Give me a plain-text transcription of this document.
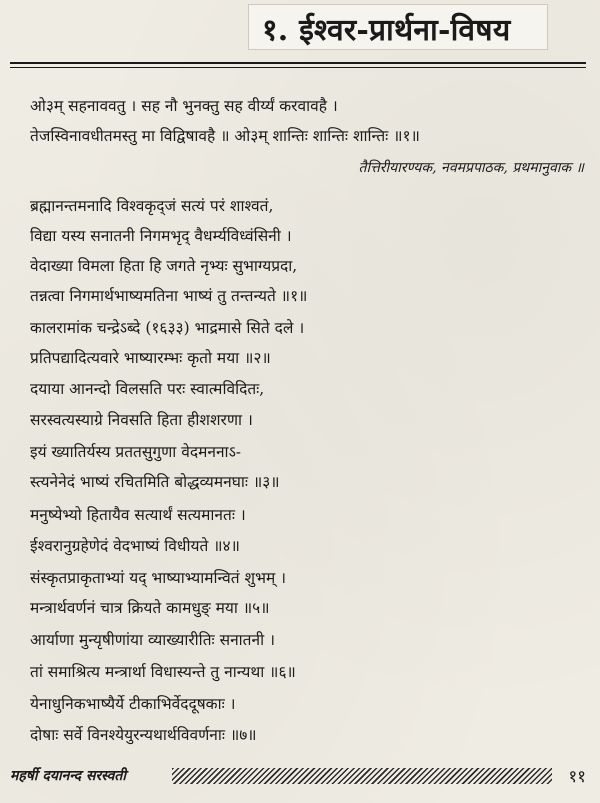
१. ईश्वर-प्रार्थना-विषय
ओ३म् सहनाववतु । सह नौ भुनक्तु सह वीर्य्यं करवावहै ।
तेजस्विनावधीतमस्तु मा विद्विषावहै ॥ ओ३म् शान्तिः शान्तिः शान्तिः ॥१॥
तैत्तिरीयारण्यक, नवमप्रपाठक, प्रथमानुवाक ॥
ब्रह्मानन्तमनादि विश्वकृद्जं सत्यं परं शाश्वतं,
विद्या यस्य सनातनी निगमभृद् वैधर्म्यविध्वंसिनी ।
वेदाख्या विमला हिता हि जगते नृभ्यः सुभाग्यप्रदा,
तन्नत्वा निगमार्थभाष्यमतिना भाष्यं तु तन्तन्यते ॥१॥
कालरामांक चन्द्रेऽब्दे (१६३३) भाद्रमासे सिते दले ।
प्रतिपद्यादित्यवारे भाष्यारम्भः कृतो मया ॥२॥
दयाया आनन्दो विलसति परः स्वात्मविदितः,
सरस्वत्यस्याग्रे निवसति हिता हीशशरणा ।
इयं ख्यातिर्यस्य प्रततसुगुणा वेदमननाऽ-
स्त्यनेनेदं भाष्यं रचितमिति बोद्धव्यमनघाः ॥३॥
मनुष्येभ्यो हितायैव सत्यार्थं सत्यमानतः ।
ईश्वरानुग्रहेणेदं वेदभाष्यं विधीयते ॥४॥
संस्कृतप्राकृताभ्यां यद् भाष्याभ्यामन्वितं शुभम् ।
मन्त्रार्थवर्णनं चात्र क्रियते कामधुङ् मया ॥५॥
आर्याणा मुन्यृषीणांया व्याख्यारीतिः सनातनी ।
तां समाश्रित्य मन्त्रार्था विधास्यन्ते तु नान्यथा ॥६॥
येनाधुनिकभाष्यैर्ये टीकाभिर्वेददूषकाः ।
दोषाः सर्वे विनश्येयुरन्यथार्थविवर्णनाः ॥७॥
महर्षी दयानन्द सरस्वती	११
